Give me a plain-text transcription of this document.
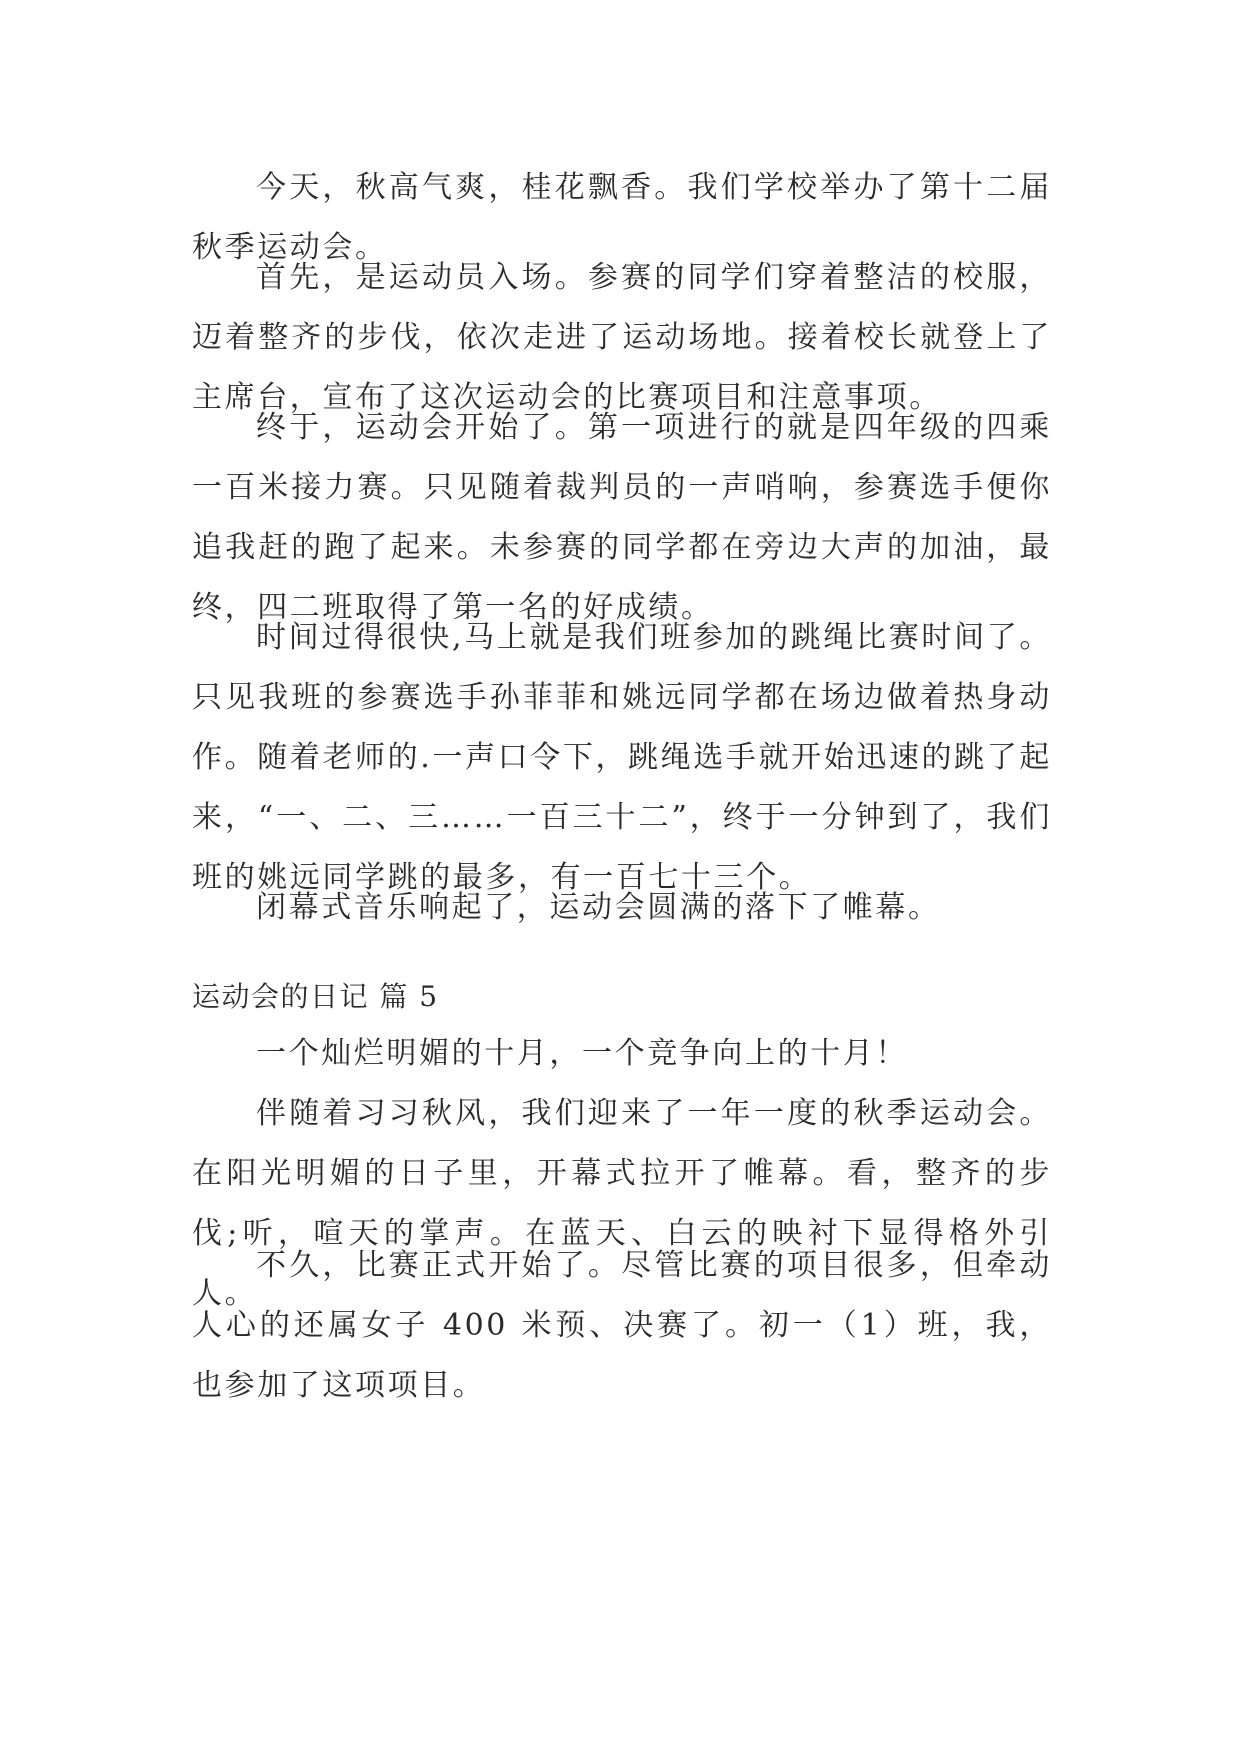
今天，秋高气爽，桂花飘香。我们学校举办了第十二届秋季运动会。

首先，是运动员入场。参赛的同学们穿着整洁的校服，迈着整齐的步伐，依次走进了运动场地。接着校长就登上了主席台，宣布了这次运动会的比赛项目和注意事项。

终于，运动会开始了。第一项进行的就是四年级的四乘一百米接力赛。只见随着裁判员的一声哨响，参赛选手便你追我赶的跑了起来。未参赛的同学都在旁边大声的加油，最终，四二班取得了第一名的好成绩。

时间过得很快,马上就是我们班参加的跳绳比赛时间了。只见我班的参赛选手孙菲菲和姚远同学都在场边做着热身动作。随着老师的.一声口令下，跳绳选手就开始迅速的跳了起来，“一、二、三……一百三十二”，终于一分钟到了，我们班的姚远同学跳的最多，有一百七十三个。

闭幕式音乐响起了，运动会圆满的落下了帷幕。

运动会的日记 篇 5

一个灿烂明媚的十月，一个竞争向上的十月！

伴随着习习秋风，我们迎来了一年一度的秋季运动会。在阳光明媚的日子里，开幕式拉开了帷幕。看，整齐的步伐;听，喧天的掌声。在蓝天、白云的映衬下显得格外引人。

不久，比赛正式开始了。尽管比赛的项目很多，但牵动人心的还属女子 400 米预、决赛了。初一（1）班，我，也参加了这项项目。
